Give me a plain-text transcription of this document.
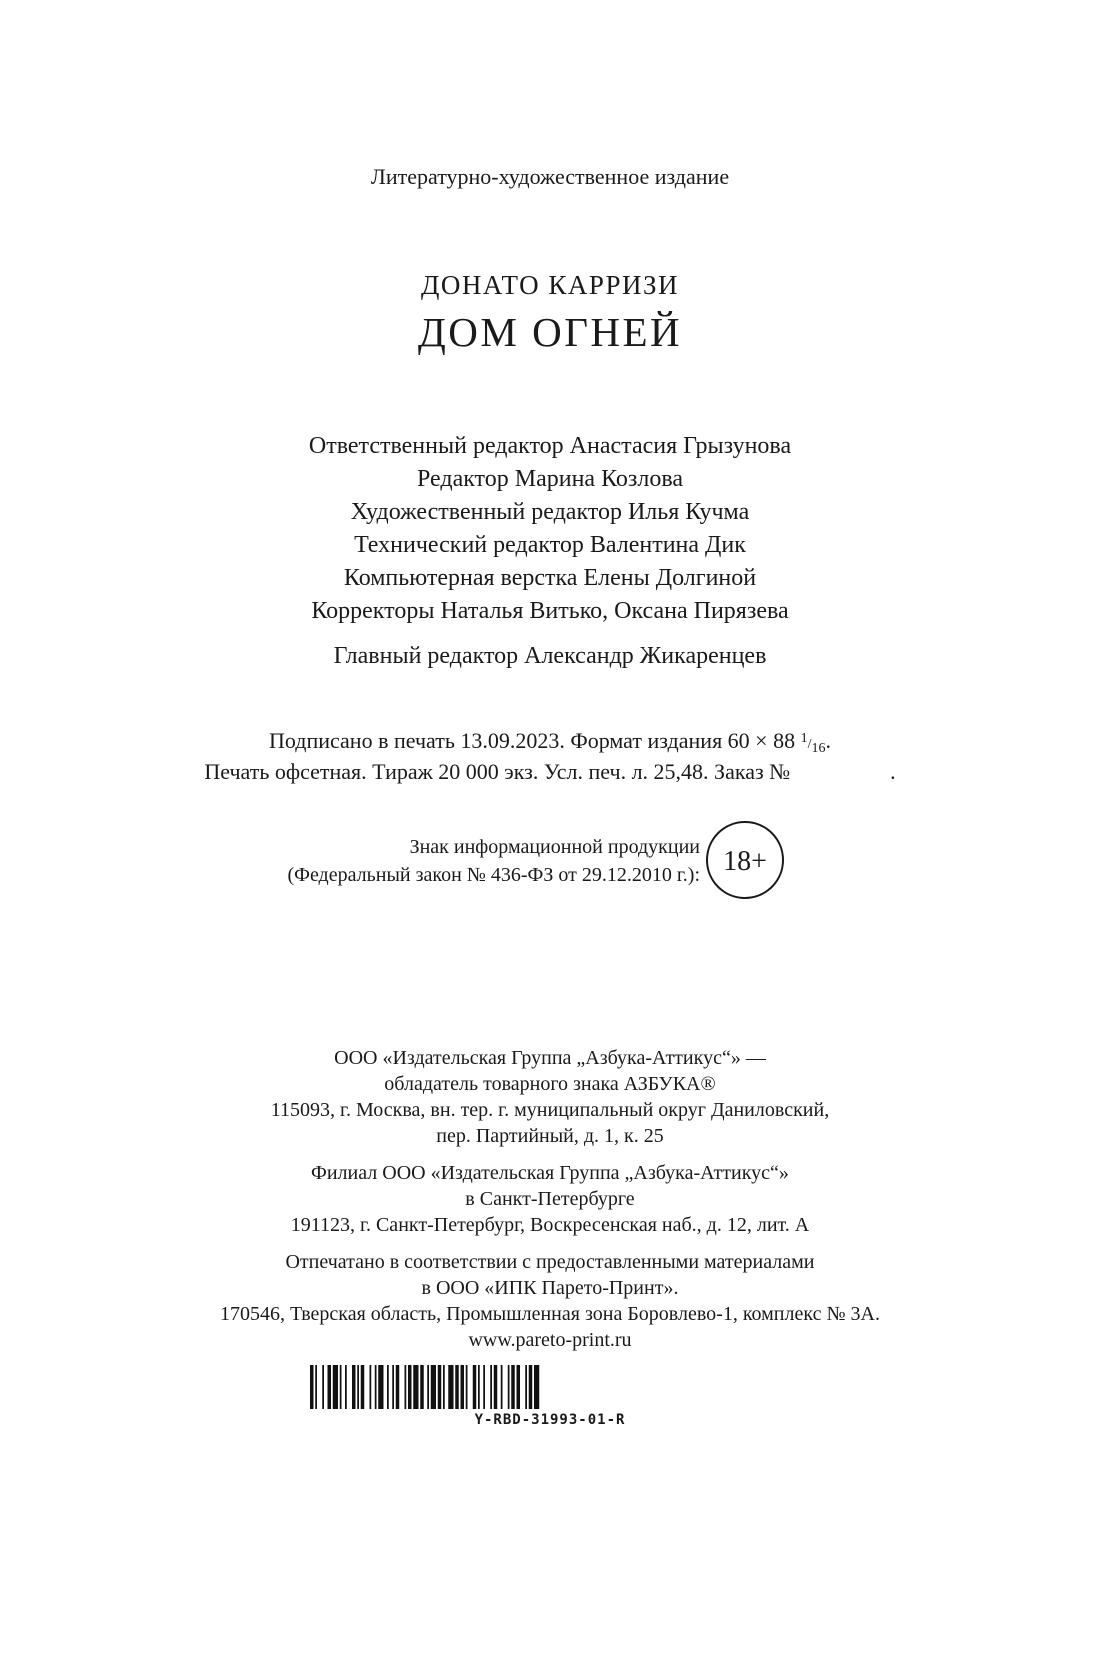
Литературно-художественное издание
ДОНАТО КАРРИЗИ
ДОМ ОГНЕЙ
Ответственный редактор Анастасия Грызунова
Редактор Марина Козлова
Художественный редактор Илья Кучма
Технический редактор Валентина Дик
Компьютерная верстка Елены Долгиной
Корректоры Наталья Витько, Оксана Пирязева
Главный редактор Александр Жикаренцев
Подписано в печать 13.09.2023. Формат издания 60 × 88 $^1/_{16}$.
Печать офсетная. Тираж 20 000 экз. Усл. печ. л. 25,48. Заказ №	.
Знак информационной продукции
(Федеральный закон № 436-ФЗ от 29.12.2010 г.): 18+
ООО «Издательская Группа „Азбука-Аттикус“» —
обладатель товарного знака АЗБУКА®
115093, г. Москва, вн. тер. г. муниципальный округ Даниловский,
пер. Партийный, д. 1, к. 25
Филиал ООО «Издательская Группа „Азбука-Аттикус“»
в Санкт-Петербурге
191123, г. Санкт-Петербург, Воскресенская наб., д. 12, лит. А
Отпечатано в соответствии с предоставленными материалами
в ООО «ИПК Парето-Принт».
170546, Тверская область, Промышленная зона Боровлево-1, комплекс № 3А.
www.pareto-print.ru
Y-RBD-31993-01-R
